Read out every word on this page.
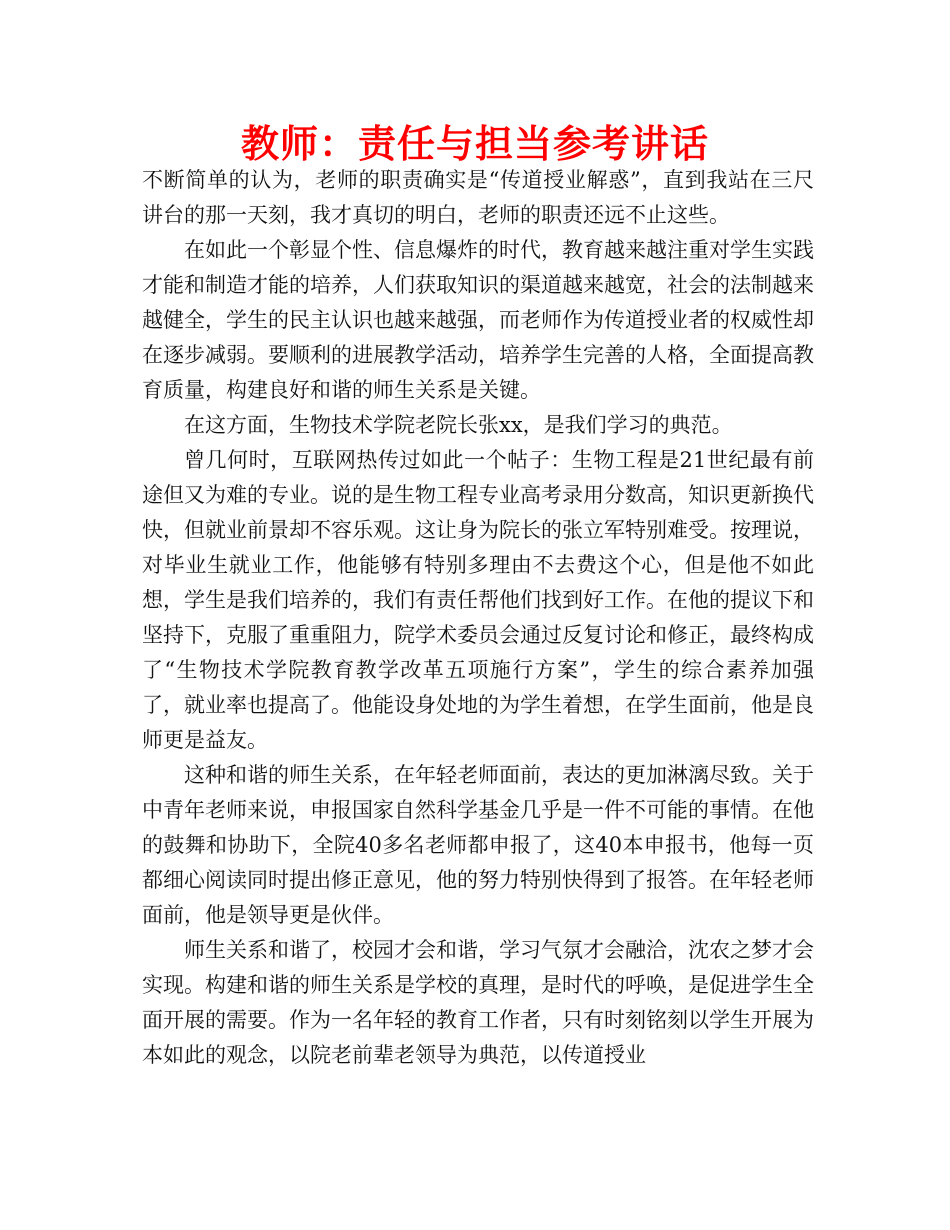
教师：责任与担当参考讲话

不断简单的认为，老师的职责确实是“传道授业解惑”，直到我站在三尺讲台的那一天刻，我才真切的明白，老师的职责还远不止这些。

在如此一个彰显个性、信息爆炸的时代，教育越来越注重对学生实践才能和制造才能的培养，人们获取知识的渠道越来越宽，社会的法制越来越健全，学生的民主认识也越来越强，而老师作为传道授业者的权威性却在逐步减弱。要顺利的进展教学活动，培养学生完善的人格，全面提高教育质量，构建良好和谐的师生关系是关键。

在这方面，生物技术学院老院长张xx，是我们学习的典范。

曾几何时，互联网热传过如此一个帖子：生物工程是21世纪最有前途但又为难的专业。说的是生物工程专业高考录用分数高，知识更新换代快，但就业前景却不容乐观。这让身为院长的张立军特别难受。按理说，对毕业生就业工作，他能够有特别多理由不去费这个心，但是他不如此想，学生是我们培养的，我们有责任帮他们找到好工作。在他的提议下和坚持下，克服了重重阻力，院学术委员会通过反复讨论和修正，最终构成了“生物技术学院教育教学改革五项施行方案”，学生的综合素养加强了，就业率也提高了。他能设身处地的为学生着想，在学生面前，他是良师更是益友。

这种和谐的师生关系，在年轻老师面前，表达的更加淋漓尽致。关于中青年老师来说，申报国家自然科学基金几乎是一件不可能的事情。在他的鼓舞和协助下，全院40多名老师都申报了，这40本申报书，他每一页都细心阅读同时提出修正意见，他的努力特别快得到了报答。在年轻老师面前，他是领导更是伙伴。

师生关系和谐了，校园才会和谐，学习气氛才会融洽，沈农之梦才会实现。构建和谐的师生关系是学校的真理，是时代的呼唤，是促进学生全面开展的需要。作为一名年轻的教育工作者，只有时刻铭刻以学生开展为本如此的观念，以院老前辈老领导为典范，以传道授业
